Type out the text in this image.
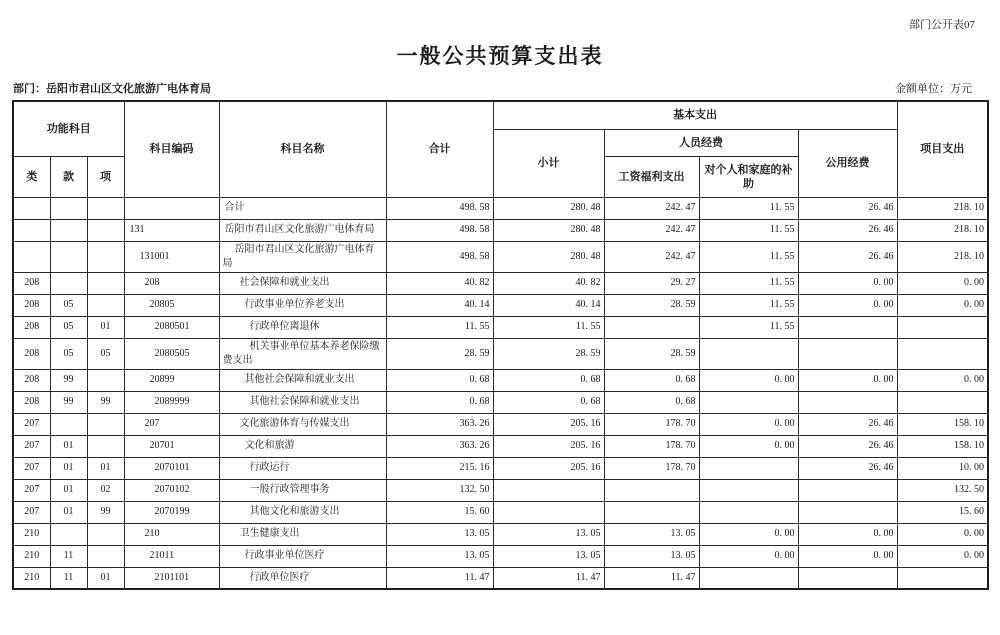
部门公开表07
一般公共预算支出表
部门：岳阳市君山区文化旅游广电体育局	金额单位：万元
功能科目			科目编码	科目名称	合计	基本支出				项目支出
						小计	人员经费		公用经费	
类	款	项					工资福利支出	对个人和家庭的补助		
				合计	498. 58	280. 48	242. 47	11. 55	26. 46	218. 10
			131	岳阳市君山区文化旅游广电体育局	498. 58	280. 48	242. 47	11. 55	26. 46	218. 10
			131001	岳阳市君山区文化旅游广电体育局	498. 58	280. 48	242. 47	11. 55	26. 46	218. 10
208			208	社会保障和就业支出	40. 82	40. 82	29. 27	11. 55	0. 00	0. 00
208	05		20805	行政事业单位养老支出	40. 14	40. 14	28. 59	11. 55	0. 00	0. 00
208	05	01	2080501	行政单位离退休	11. 55	11. 55		11. 55		
208	05	05	2080505	机关事业单位基本养老保险缴费支出	28. 59	28. 59	28. 59			
208	99		20899	其他社会保障和就业支出	0. 68	0. 68	0. 68	0. 00	0. 00	0. 00
208	99	99	2089999	其他社会保障和就业支出	0. 68	0. 68	0. 68			
207			207	文化旅游体育与传媒支出	363. 26	205. 16	178. 70	0. 00	26. 46	158. 10
207	01		20701	文化和旅游	363. 26	205. 16	178. 70	0. 00	26. 46	158. 10
207	01	01	2070101	行政运行	215. 16	205. 16	178. 70		26. 46	10. 00
207	01	02	2070102	一般行政管理事务	132. 50					132. 50
207	01	99	2070199	其他文化和旅游支出	15. 60					15. 60
210			210	卫生健康支出	13. 05	13. 05	13. 05	0. 00	0. 00	0. 00
210	11		21011	行政事业单位医疗	13. 05	13. 05	13. 05	0. 00	0. 00	0. 00
210	11	01	2101101	行政单位医疗	11. 47	11. 47	11. 47			
